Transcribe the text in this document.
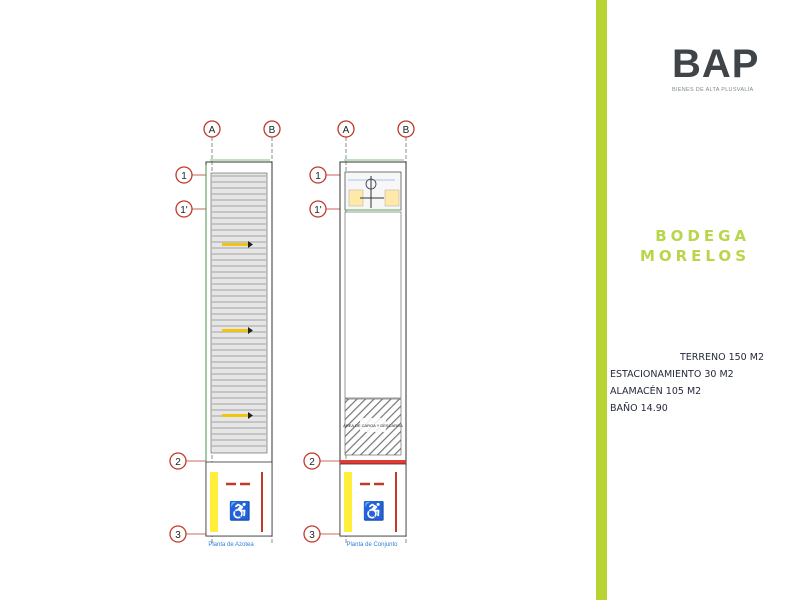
A	B
1
1'
2
3
♿
Planta de Azotea
A	B
1
1'
2
3
ÁREA DE CARGA Y DESCARGA
♿
Planta de Conjunto
BAP
BIENES DE ALTA PLUSVALÍA
BODEGA
MORELOS
TERRENO 150 M2
ESTACIONAMIENTO 30 M2
ALAMACÉN 105 M2
BAÑO 14.90
